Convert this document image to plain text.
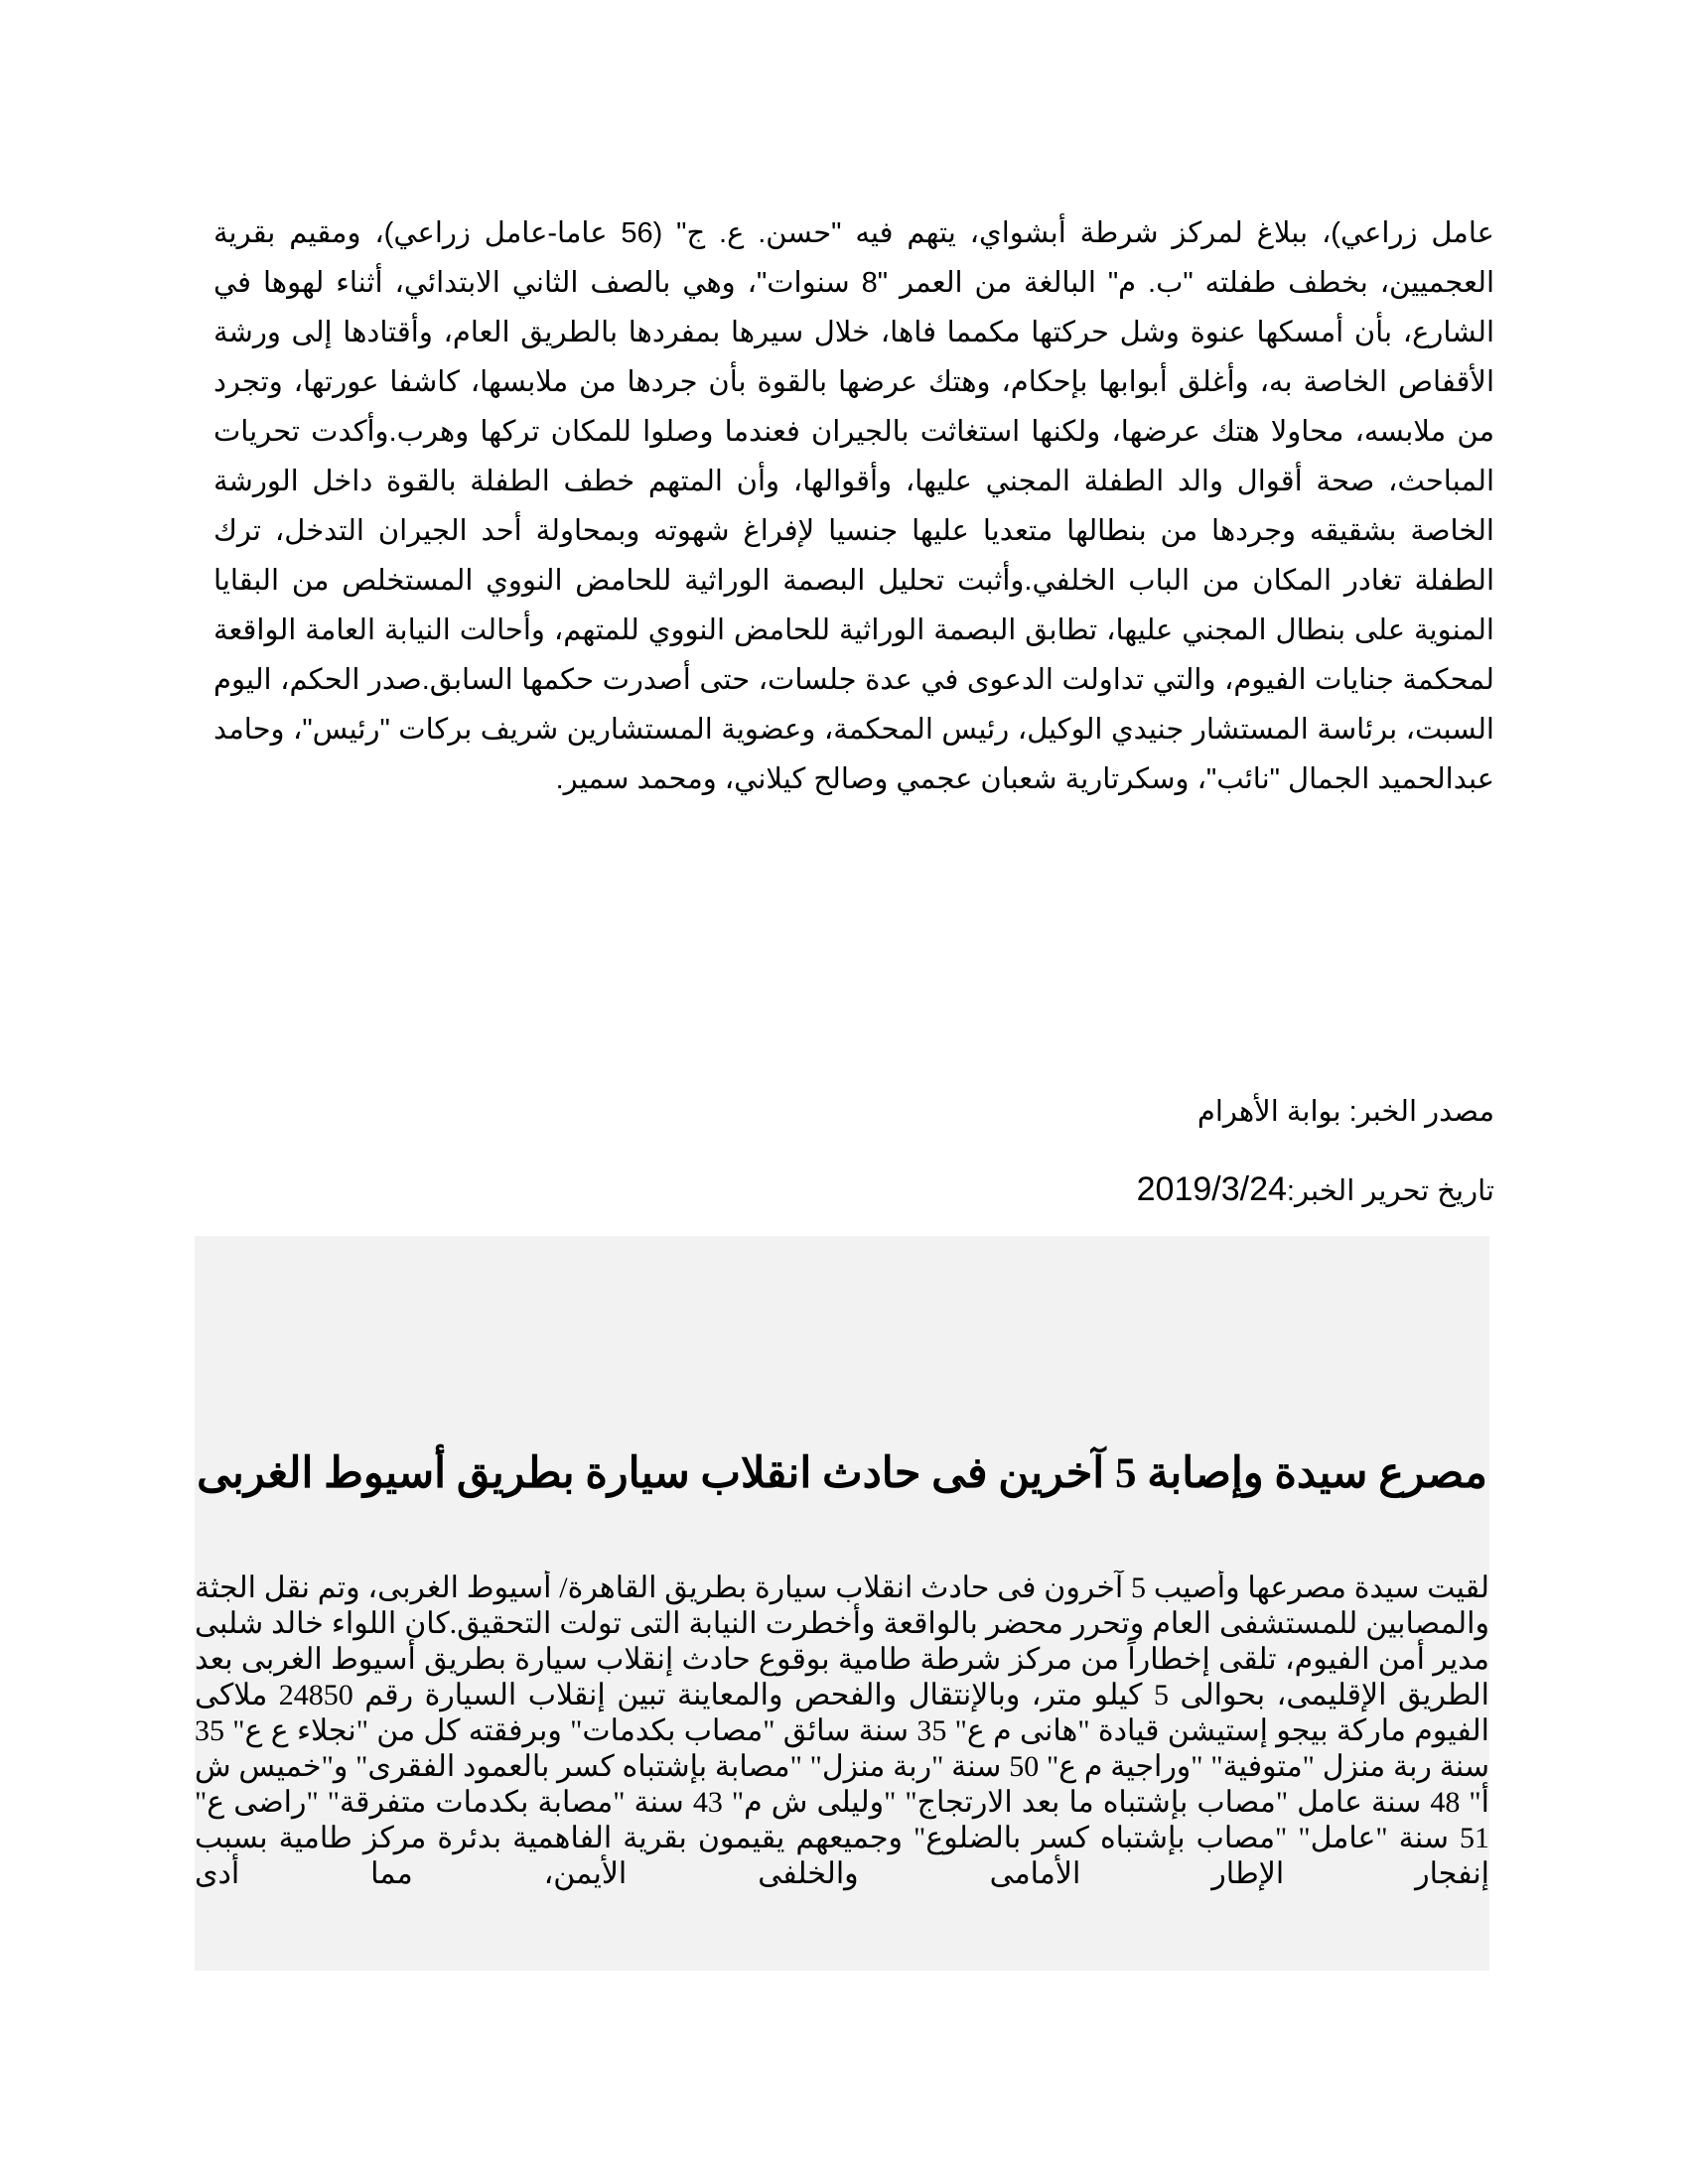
عامل زراعي)، ببلاغ لمركز شرطة أبشواي، يتهم فيه "حسن. ع. ج" (56 عاما-عامل زراعي)، ومقيم بقرية العجميين، بخطف طفلته "ب. م" البالغة من العمر "8 سنوات"، وهي بالصف الثاني الابتدائي، أثناء لهوها في الشارع، بأن أمسكها عنوة وشل حركتها مكمما فاها، خلال سيرها بمفردها بالطريق العام، وأقتادها إلى ورشة الأقفاص الخاصة به، وأغلق أبوابها بإحكام، وهتك عرضها بالقوة بأن جردها من ملابسها، كاشفا عورتها، وتجرد من ملابسه، محاولا هتك عرضها، ولكنها استغاثت بالجيران فعندما وصلوا للمكان تركها وهرب.وأكدت تحريات المباحث، صحة أقوال والد الطفلة المجني عليها، وأقوالها، وأن المتهم خطف الطفلة بالقوة داخل الورشة الخاصة بشقيقه وجردها من بنطالها متعديا عليها جنسيا لإفراغ شهوته وبمحاولة أحد الجيران التدخل، ترك الطفلة تغادر المكان من الباب الخلفي.وأثبت تحليل البصمة الوراثية للحامض النووي المستخلص من البقايا المنوية على بنطال المجني عليها، تطابق البصمة الوراثية للحامض النووي للمتهم، وأحالت النيابة العامة الواقعة لمحكمة جنايات الفيوم، والتي تداولت الدعوى في عدة جلسات، حتى أصدرت حكمها السابق.صدر الحكم، اليوم السبت، برئاسة المستشار جنيدي الوكيل، رئيس المحكمة، وعضوية المستشارين شريف بركات "رئيس"، وحامد عبدالحميد الجمال "نائب"، وسكرتارية شعبان عجمي وصالح كيلاني، ومحمد سمير.

مصدر الخبر: بوابة الأهرام
تاريخ تحرير الخبر:2019/3/24
مصرع سيدة وإصابة 5 آخرين فى حادث انقلاب سيارة بطريق أسيوط الغربى

لقيت سيدة مصرعها وأصيب 5 آخرون فى حادث انقلاب سيارة بطريق القاهرة/ أسيوط الغربى، وتم نقل الجثة والمصابين للمستشفى العام وتحرر محضر بالواقعة وأخطرت النيابة التى تولت التحقيق.كان اللواء خالد شلبى مدير أمن الفيوم، تلقى إخطاراً من مركز شرطة طامية بوقوع حادث إنقلاب سيارة بطريق أسيوط الغربى بعد الطريق الإقليمى، بحوالى 5 كيلو متر، وبالإنتقال والفحص والمعاينة تبين إنقلاب السيارة رقم 24850 ملاكى الفيوم ماركة بيجو إستيشن قيادة "هانى م ع" 35 سنة سائق "مصاب بكدمات" وبرفقته كل من "نجلاء ع ع" 35 سنة ربة منزل "متوفية" "وراجية م ع" 50 سنة "ربة منزل" "مصابة بإشتباه كسر بالعمود الفقرى" و"خميس ش أ" 48 سنة عامل "مصاب بإشتباه ما بعد الارتجاج" "وليلى ش م" 43 سنة "مصابة بكدمات متفرقة" "راضى ع" 51 سنة "عامل" "مصاب بإشتباه كسر بالضلوع" وجميعهم يقيمون بقرية الفاهمية بدئرة مركز طامية بسبب إنفجار الإطار الأمامى والخلفى الأيمن، مما أدى
